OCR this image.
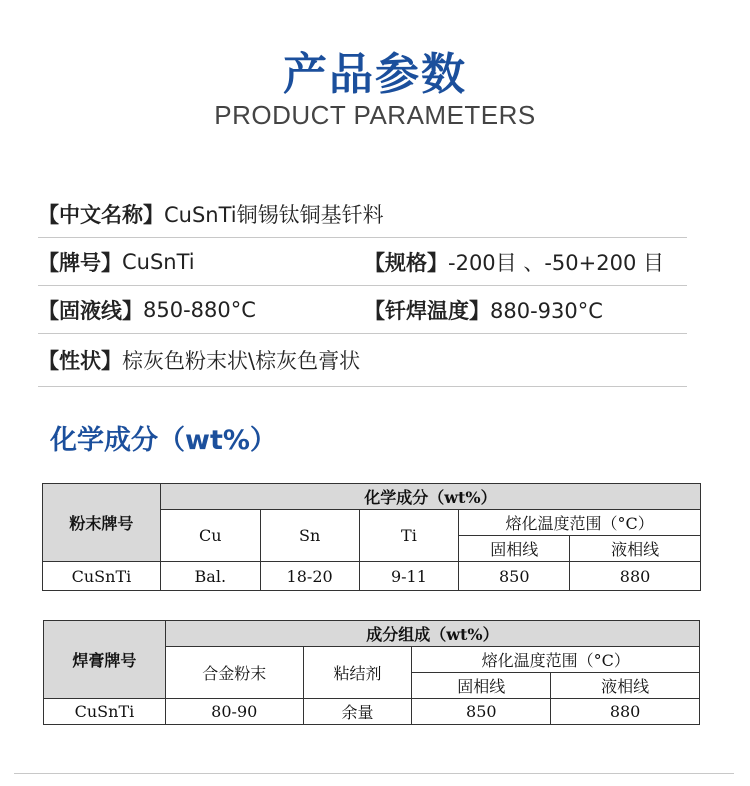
产品参数
PRODUCT PARAMETERS
【中文名称】 CuSnTi铜锡钛铜基钎料
【牌号】 CuSnTi	【规格】-200目 、-50+200 目
【固液线】 850-880°C	【钎焊温度】880-930°C
【性状】 棕灰色粉末状\棕灰色膏状
化学成分（wt%）
粉末牌号	化学成分（wt%）				
	Cu	Sn	Ti	熔化温度范围（°C）	
				固相线	液相线
CuSnTi	Bal.	18-20	9-11	850	880
焊膏牌号	成分组成（wt%）			
	合金粉末	粘结剂	熔化温度范围（°C）	
			固相线	液相线
CuSnTi	80-90	余量	850	880
